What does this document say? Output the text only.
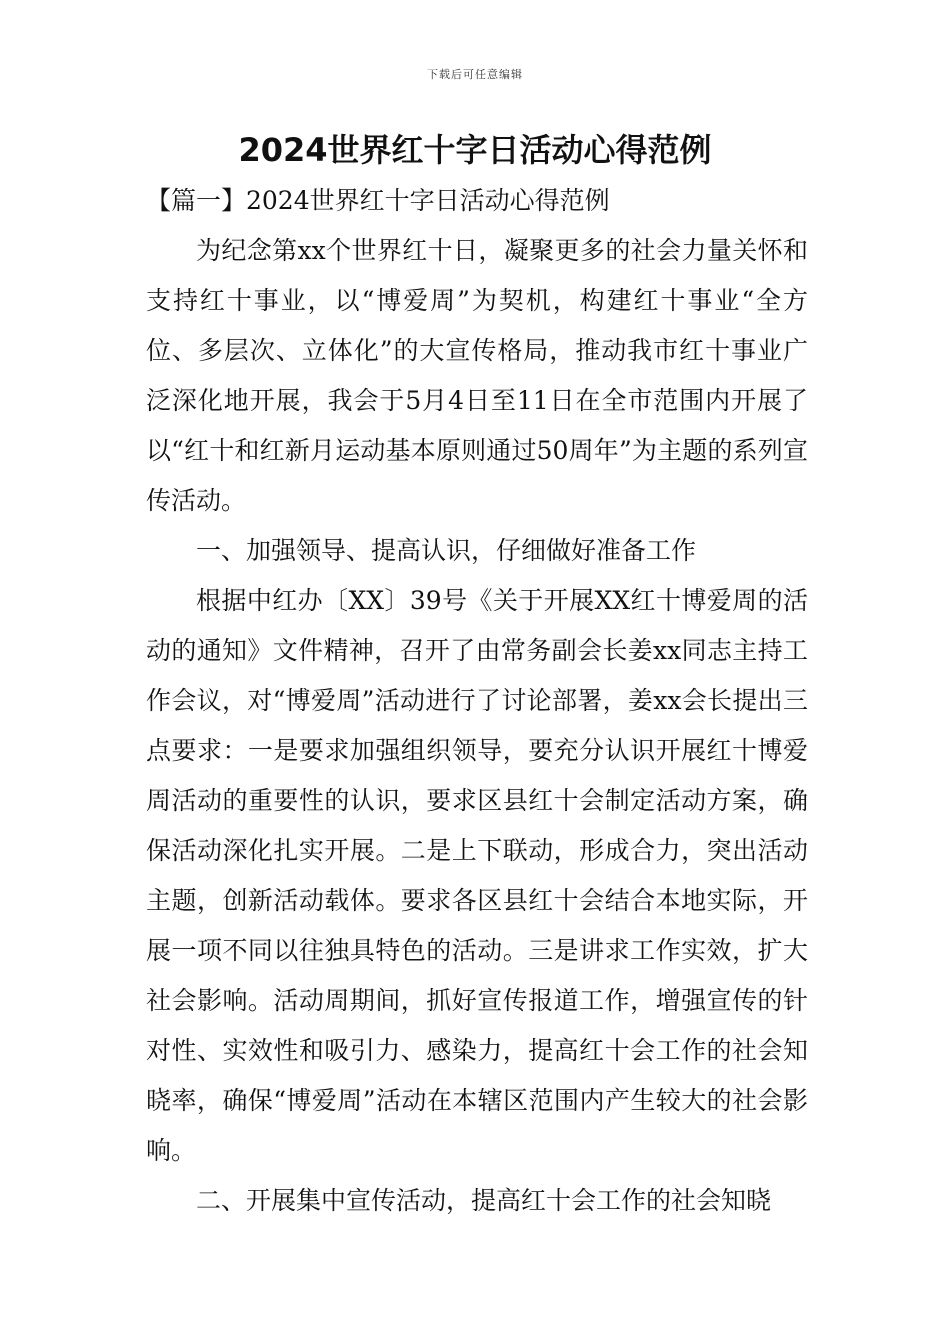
下载后可任意编辑
2024世界红十字日活动心得范例

【篇一】2024世界红十字日活动心得范例

为纪念第xx个世界红十日，凝聚更多的社会力量关怀和支持红十事业，以“博爱周”为契机，构建红十事业“全方位、多层次、立体化”的大宣传格局，推动我市红十事业广泛深化地开展，我会于5月4日至11日在全市范围内开展了以“红十和红新月运动基本原则通过50周年”为主题的系列宣传活动。

一、加强领导、提高认识，仔细做好准备工作

根据中红办〔XX〕39号《关于开展XX红十博爱周的活动的通知》文件精神，召开了由常务副会长姜xx同志主持工作会议，对“博爱周”活动进行了讨论部署，姜xx会长提出三点要求：一是要求加强组织领导，要充分认识开展红十博爱周活动的重要性的认识，要求区县红十会制定活动方案，确保活动深化扎实开展。二是上下联动，形成合力，突出活动主题，创新活动载体。要求各区县红十会结合本地实际，开展一项不同以往独具特色的活动。三是讲求工作实效，扩大社会影响。活动周期间，抓好宣传报道工作，增强宣传的针对性、实效性和吸引力、感染力，提高红十会工作的社会知晓率，确保“博爱周”活动在本辖区范围内产生较大的社会影响。

二、开展集中宣传活动，提高红十会工作的社会知晓
